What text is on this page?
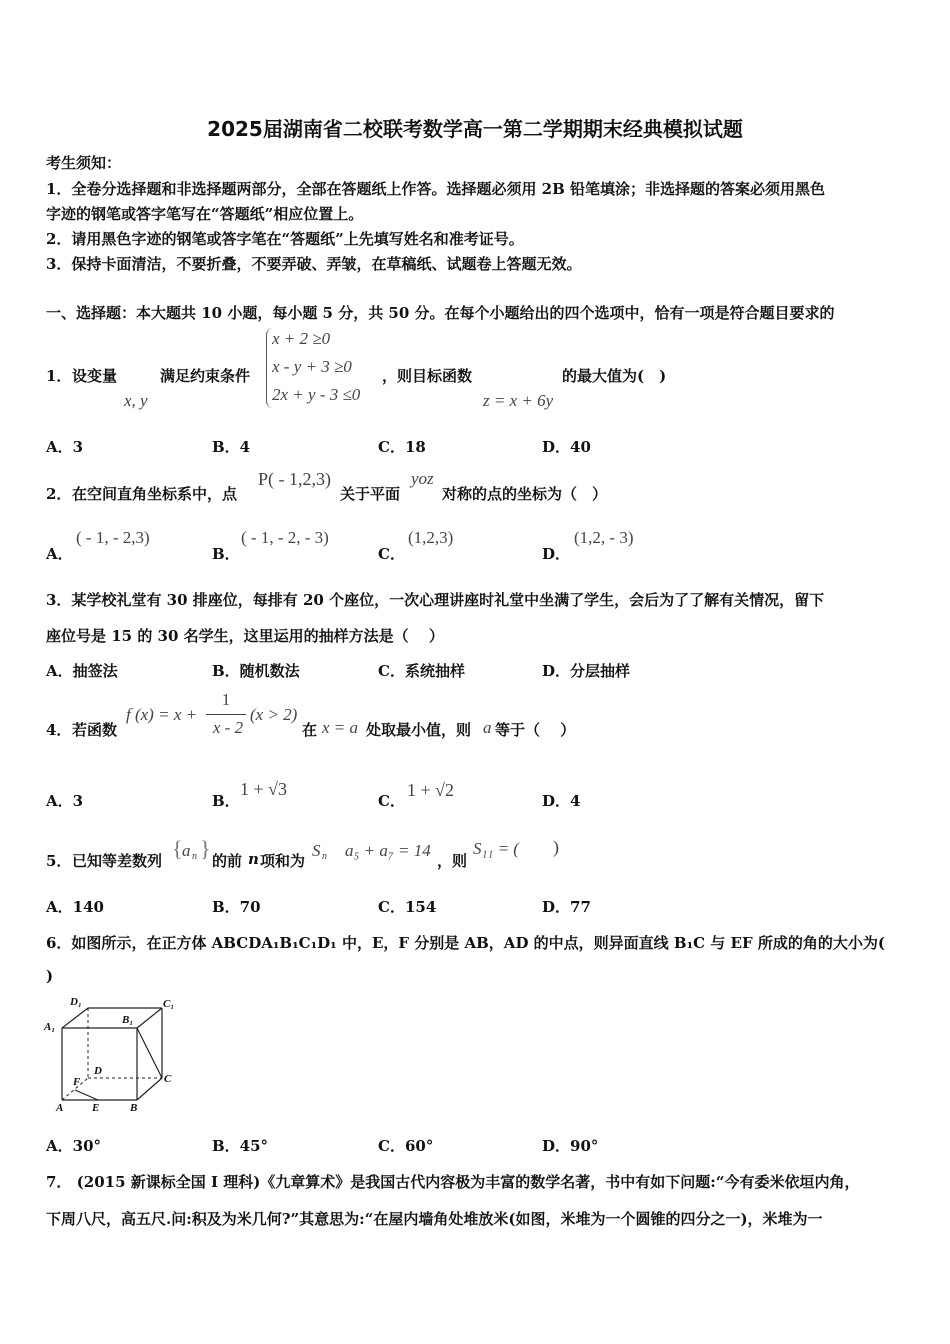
2025届湖南省二校联考数学高一第二学期期末经典模拟试题
考生须知：
1．全卷分选择题和非选择题两部分，全部在答题纸上作答。选择题必须用 2B 铅笔填涂；非选择题的答案必须用黑色
字迹的钢笔或答字笔写在“答题纸”相应位置上。
2．请用黑色字迹的钢笔或答字笔在“答题纸”上先填写姓名和准考证号。
3．保持卡面清洁，不要折叠，不要弄破、弄皱，在草稿纸、试题卷上答题无效。
一、选择题：本大题共 10 小题，每小题 5 分，共 50 分。在每个小题给出的四个选项中，恰有一项是符合题目要求的
1． 设变量
x, y
满足约束条件
x + 2 ≥0
x - y + 3 ≥0
2x + y - 3 ≤0
，则目标函数
z = x + 6y
的最大值为(　)
A．3	B．4	C．18	D．40
2． 在空间直角坐标系中，点
P( - 1,2,3)
关于平面
yoz
对称的点的坐标为（　）
A．
( - 1, - 2,3)
B．
( - 1, - 2, - 3)
C．
(1,2,3)
D．
(1,2, - 3)
3．某学校礼堂有 30 排座位，每排有 20 个座位，一次心理讲座时礼堂中坐满了学生，会后为了了解有关情况，留下
座位号是 15 的 30 名学生，这里运用的抽样方法是（　 ）
A．抽签法	B．随机数法	C．系统抽样	D．分层抽样
4． 若函数
f (x) = x +
1
x - 2
(x > 2)
在 x = a 处取最小值，则 a 等于（　 ）
A．3	B．
1 + √3
C．
1 + √2
D．4
5． 已知等差数列 { a n } 的前 n 项和为
S n a₅ + a₇ = 14
，则
S₁₁ = ( )
A．140	B．70	C．154	D．77
6．如图所示，在正方体 ABCDA₁B₁C₁D₁ 中，E，F 分别是 AB，AD 的中点，则异面直线 B₁C 与 EF 所成的角的大小为(
)
D₁	C₁
A₁
B₁
D
F	C
A	E	B
A．30°	B．45°	C．60°	D．90°
7． (2015 新课标全国 I 理科)《九章算术》是我国古代内容极为丰富的数学名著，书中有如下问题:“今有委米依垣内角，
下周八尺，高五尺.问:积及为米几何?”其意思为:“在屋内墙角处堆放米(如图，米堆为一个圆锥的四分之一)，米堆为一
